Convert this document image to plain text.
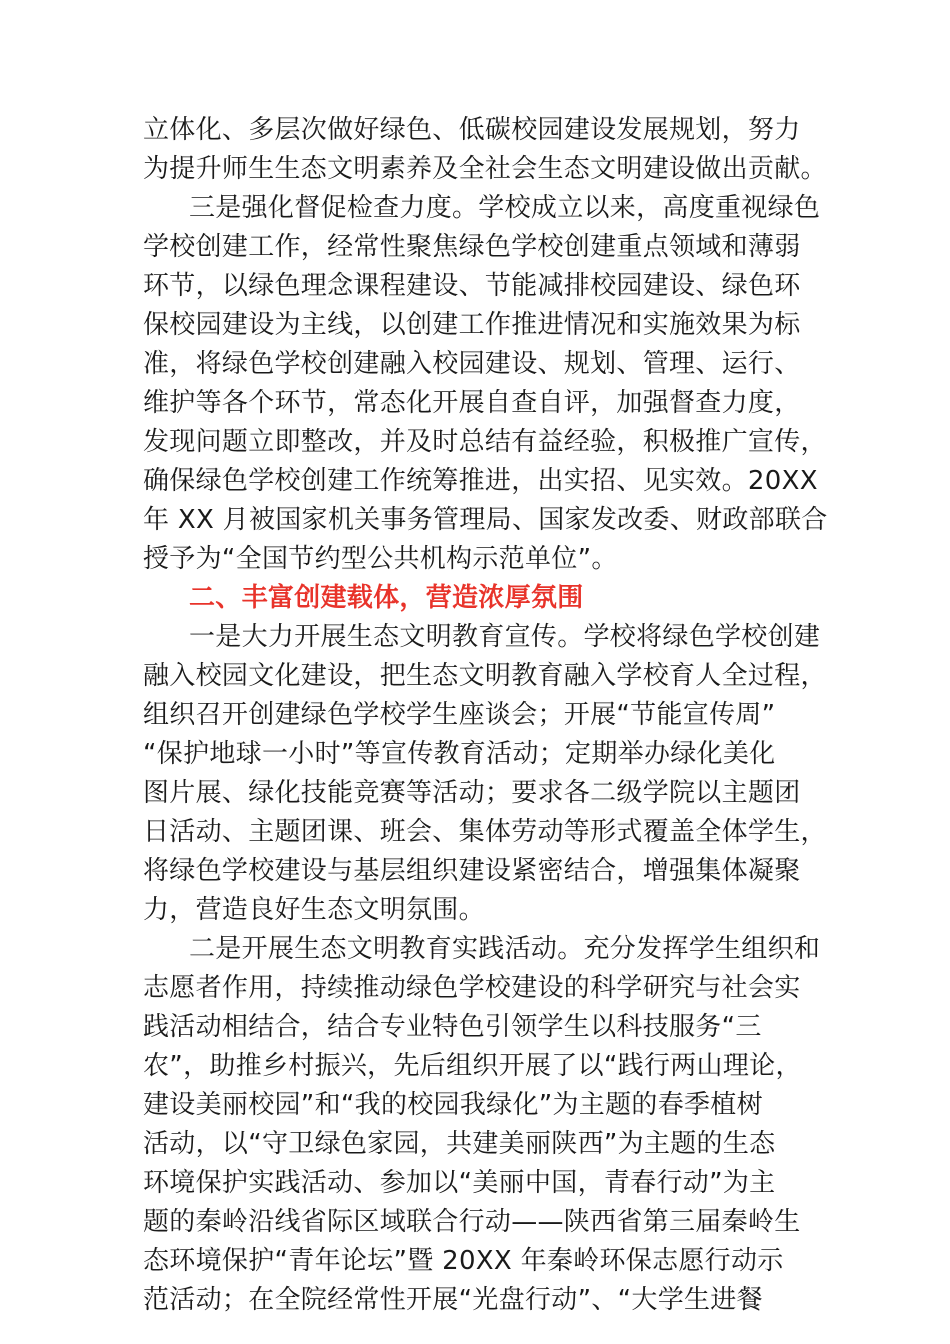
立体化、多层次做好绿色、低碳校园建设发展规划，努力
为提升师生生态文明素养及全社会生态文明建设做出贡献。
三是强化督促检查力度。学校成立以来，高度重视绿色
学校创建工作，经常性聚焦绿色学校创建重点领域和薄弱
环节，以绿色理念课程建设、节能减排校园建设、绿色环
保校园建设为主线，以创建工作推进情况和实施效果为标
准，将绿色学校创建融入校园建设、规划、管理、运行、
维护等各个环节，常态化开展自查自评，加强督查力度，
发现问题立即整改，并及时总结有益经验，积极推广宣传，
确保绿色学校创建工作统筹推进，出实招、见实效。20XX
年 XX 月被国家机关事务管理局、国家发改委、财政部联合
授予为“全国节约型公共机构示范单位”。
二、丰富创建载体，营造浓厚氛围
一是大力开展生态文明教育宣传。学校将绿色学校创建
融入校园文化建设，把生态文明教育融入学校育人全过程，
组织召开创建绿色学校学生座谈会；开展“节能宣传周”
“保护地球一小时”等宣传教育活动；定期举办绿化美化
图片展、绿化技能竞赛等活动；要求各二级学院以主题团
日活动、主题团课、班会、集体劳动等形式覆盖全体学生，
将绿色学校建设与基层组织建设紧密结合，增强集体凝聚
力，营造良好生态文明氛围。
二是开展生态文明教育实践活动。充分发挥学生组织和
志愿者作用，持续推动绿色学校建设的科学研究与社会实
践活动相结合，结合专业特色引领学生以科技服务“三
农”，助推乡村振兴，先后组织开展了以“践行两山理论，
建设美丽校园”和“我的校园我绿化”为主题的春季植树
活动，以“守卫绿色家园，共建美丽陕西”为主题的生态
环境保护实践活动、参加以“美丽中国，青春行动”为主
题的秦岭沿线省际区域联合行动——陕西省第三届秦岭生
态环境保护“青年论坛”暨 20XX 年秦岭环保志愿行动示
范活动；在全院经常性开展“光盘行动”、“大学生进餐
